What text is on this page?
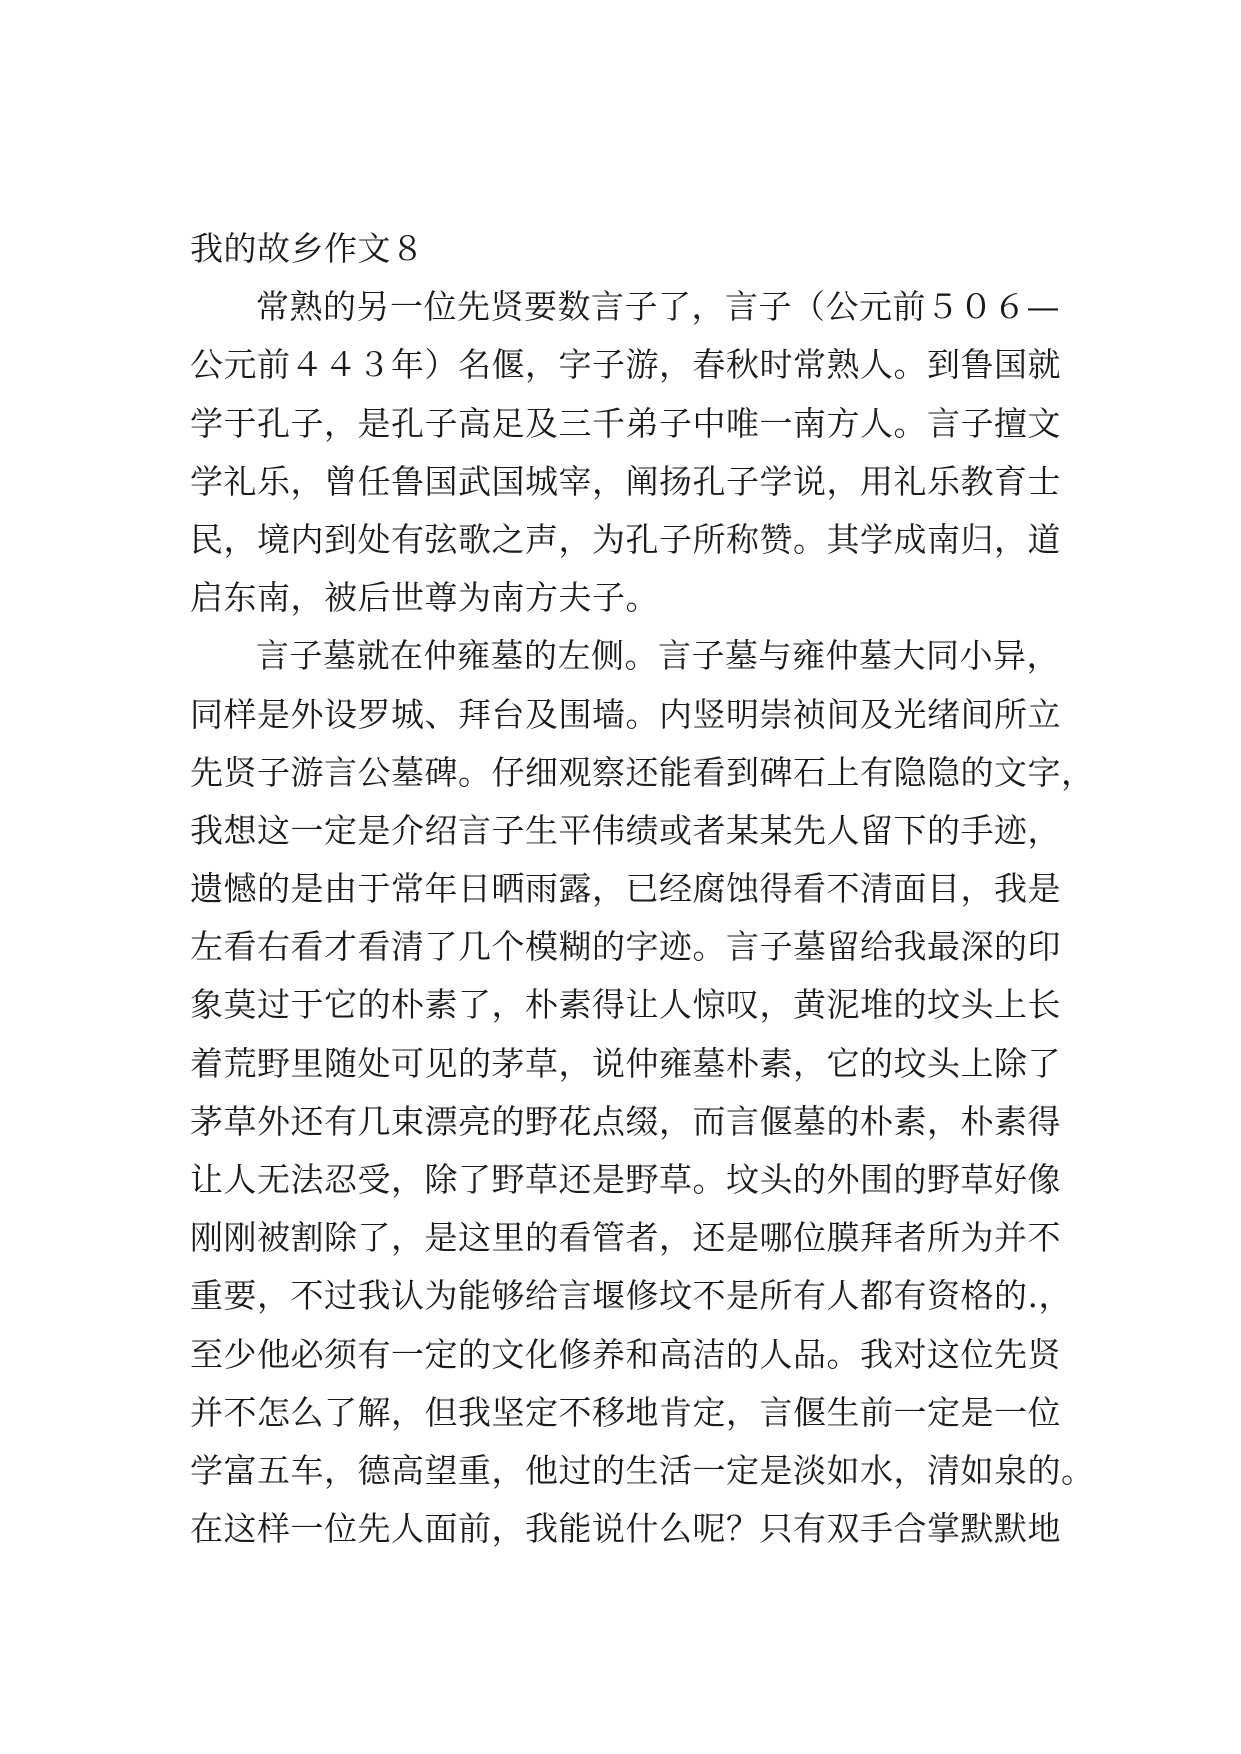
我的故乡作文８
常熟的另一位先贤要数言子了，言子（公元前５０６—
公元前４４３年）名偃，字子游，春秋时常熟人。到鲁国就
学于孔子，是孔子高足及三千弟子中唯一南方人。言子擅文
学礼乐，曾任鲁国武国城宰，阐扬孔子学说，用礼乐教育士
民，境内到处有弦歌之声，为孔子所称赞。其学成南归，道
启东南，被后世尊为南方夫子。
言子墓就在仲雍墓的左侧。言子墓与雍仲墓大同小异，
同样是外设罗城、拜台及围墙。内竖明崇祯间及光绪间所立
先贤子游言公墓碑。仔细观察还能看到碑石上有隐隐的文字，
我想这一定是介绍言子生平伟绩或者某某先人留下的手迹，
遗憾的是由于常年日晒雨露，已经腐蚀得看不清面目，我是
左看右看才看清了几个模糊的字迹。言子墓留给我最深的印
象莫过于它的朴素了，朴素得让人惊叹，黄泥堆的坟头上长
着荒野里随处可见的茅草，说仲雍墓朴素，它的坟头上除了
茅草外还有几束漂亮的野花点缀，而言偃墓的朴素，朴素得
让人无法忍受，除了野草还是野草。坟头的外围的野草好像
刚刚被割除了，是这里的看管者，还是哪位膜拜者所为并不
重要，不过我认为能够给言堰修坟不是所有人都有资格的.，
至少他必须有一定的文化修养和高洁的人品。我对这位先贤
并不怎么了解，但我坚定不移地肯定，言偃生前一定是一位
学富五车，德高望重，他过的生活一定是淡如水，清如泉的。
在这样一位先人面前，我能说什么呢？只有双手合掌默默地
